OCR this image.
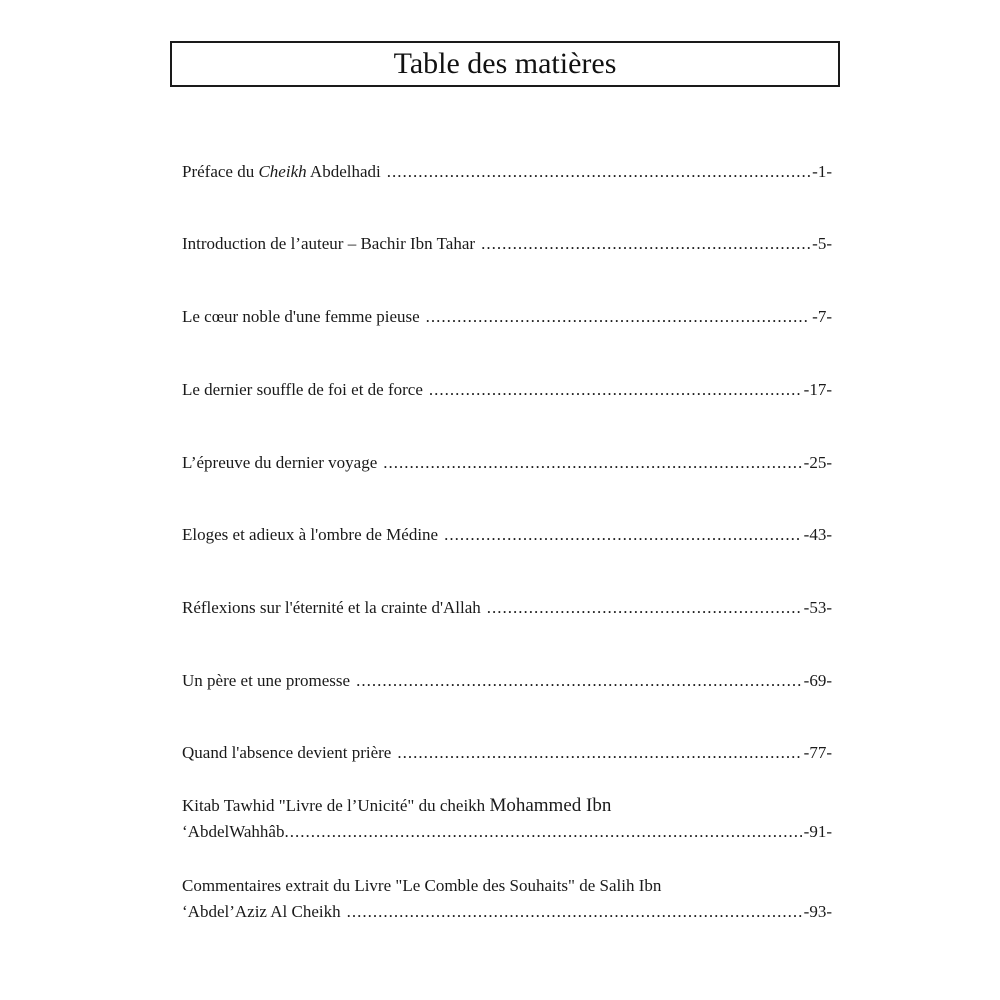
Table des matières
Préface du Cheikh Abdelhadi .....	-1-
Introduction de l’auteur – Bachir Ibn Tahar .....	-5-
Le cœur noble d'une femme pieuse .....	-7-
Le dernier souffle de foi et de force .....	-17-
L’épreuve du dernier voyage .....	-25-
Eloges et adieux à l'ombre de Médine .....	-43-
Réflexions sur l'éternité et la crainte d'Allah .....	-53-
Un père et une promesse .....	-69-
Quand l'absence devient prière .....	-77-
Kitab Tawhid "Livre de l’Unicité" du cheikh Mohammed Ibn
‘AbdelWahhâb .....	-91-
Commentaires extrait du Livre "Le Comble des Souhaits" de Salih Ibn
‘Abdel’Aziz Al Cheikh .....	-93-
